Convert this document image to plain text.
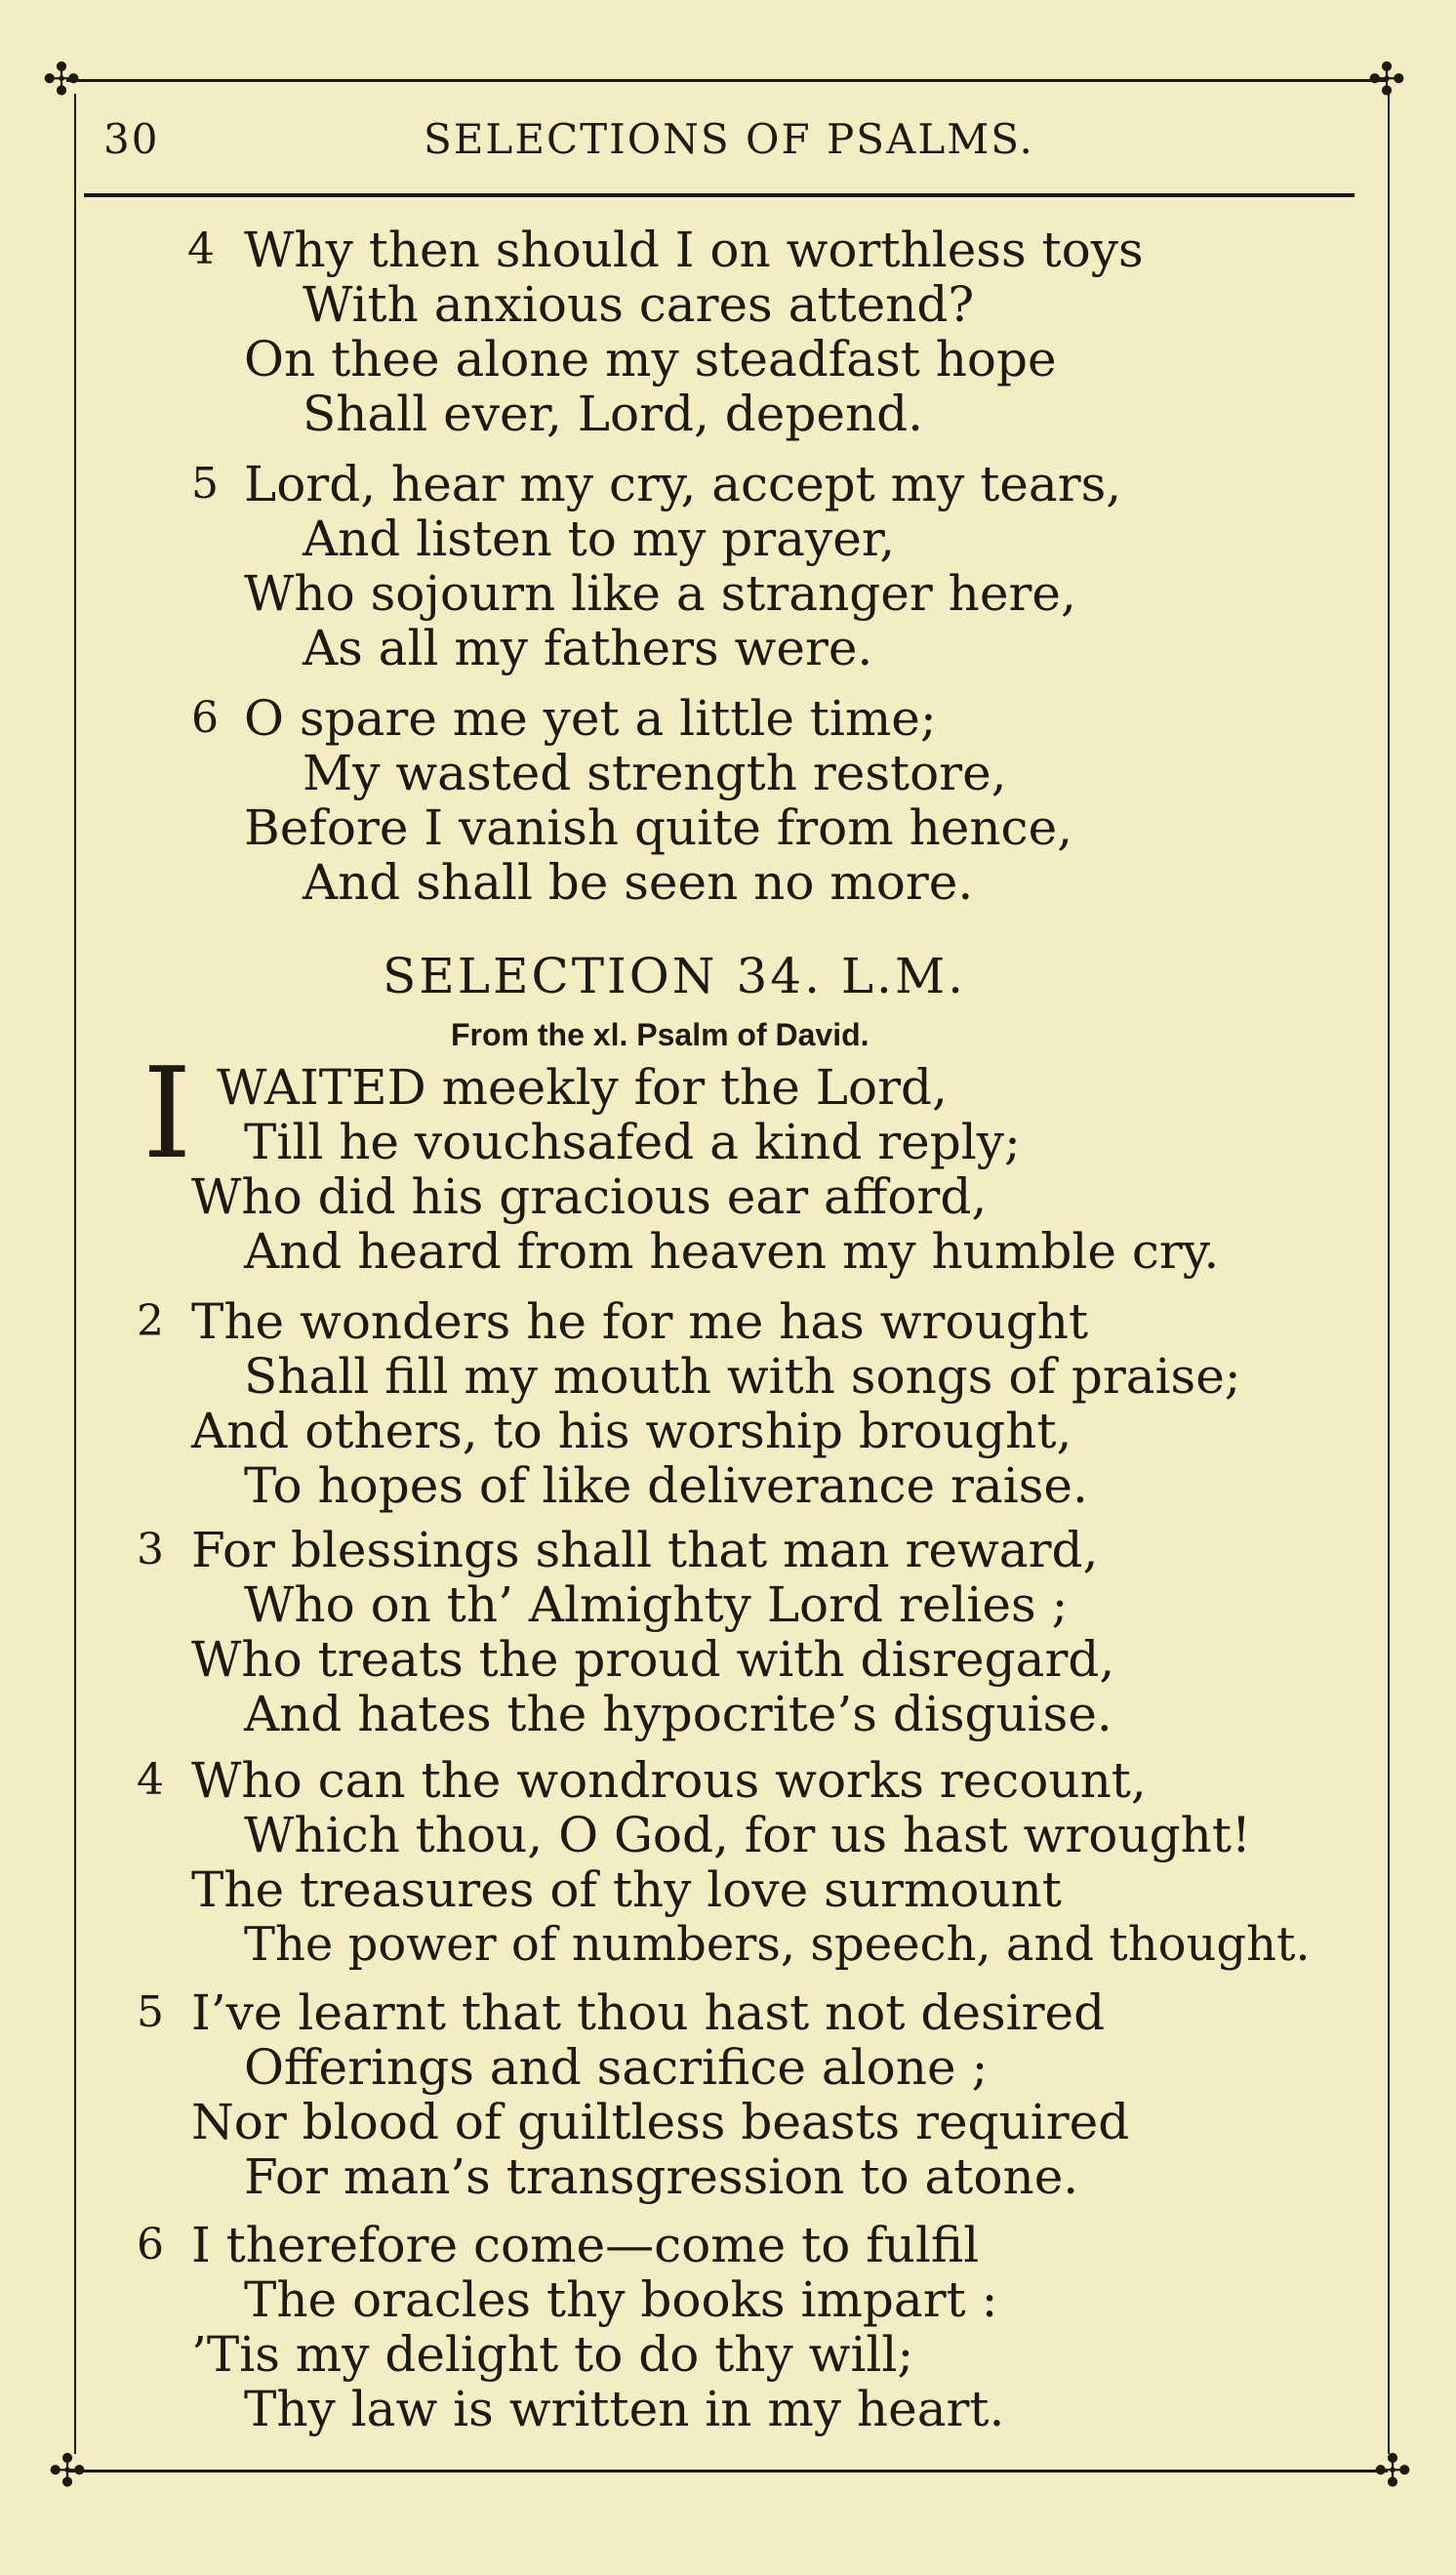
✣	✣
✣	✣
30	SELECTIONS OF PSALMS.
4 Why then should I on worthless toys
With anxious cares attend?
On thee alone my steadfast hope
Shall ever, Lord, depend.
5 Lord, hear my cry, accept my tears,
And listen to my prayer,
Who sojourn like a stranger here,
As all my fathers were.
6 O spare me yet a little time;
My wasted strength restore,
Before I vanish quite from hence,
And shall be seen no more.
SELECTION 34. L.M.
From the xl. Psalm of David.
I WAITED meekly for the Lord,
Till he vouchsafed a kind reply;
Who did his gracious ear afford,
And heard from heaven my humble cry.
2 The wonders he for me has wrought
Shall fill my mouth with songs of praise;
And others, to his worship brought,
To hopes of like deliverance raise.
3 For blessings shall that man reward,
Who on th’ Almighty Lord relies ;
Who treats the proud with disregard,
And hates the hypocrite’s disguise.
4 Who can the wondrous works recount,
Which thou, O God, for us hast wrought!
The treasures of thy love surmount
The power of numbers, speech, and thought.
5 I’ve learnt that thou hast not desired
Offerings and sacrifice alone ;
Nor blood of guiltless beasts required
For man’s transgression to atone.
6 I therefore come—come to fulfil
The oracles thy books impart :
’Tis my delight to do thy will;
Thy law is written in my heart.
